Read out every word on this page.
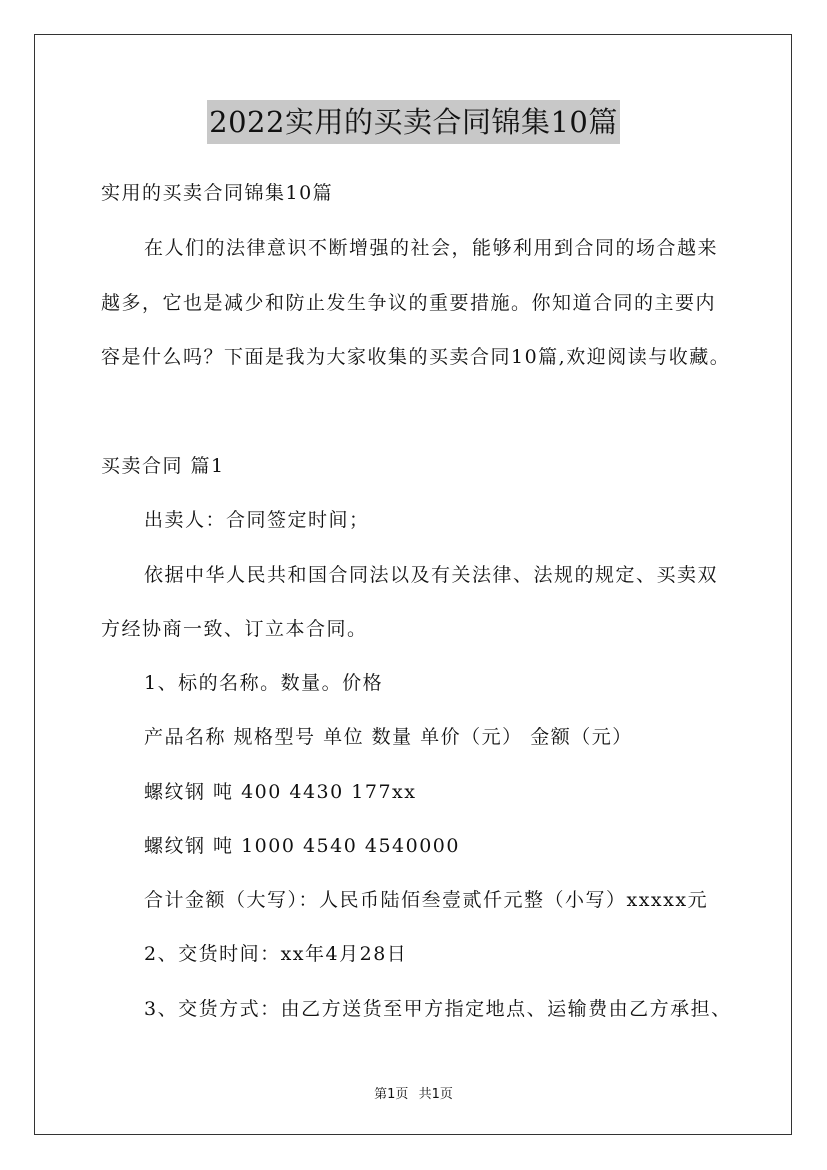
2022实用的买卖合同锦集10篇
实用的买卖合同锦集10篇
在人们的法律意识不断增强的社会，能够利用到合同的场合越来
越多，它也是减少和防止发生争议的重要措施。你知道合同的主要内
容是什么吗？下面是我为大家收集的买卖合同10篇,欢迎阅读与收藏。
买卖合同 篇1
出卖人：合同签定时间；
依据中华人民共和国合同法以及有关法律、法规的规定、买卖双
方经协商一致、订立本合同。
1、标的名称。数量。价格
产品名称 规格型号 单位 数量 单价（元） 金额（元）
螺纹钢 吨 400 4430 177xx
螺纹钢 吨 1000 4540 4540000
合计金额（大写）：人民币陆佰叁壹贰仟元整（小写）xxxxx元
2、交货时间：xx年4月28日
3、交货方式：由乙方送货至甲方指定地点、运输费由乙方承担、
第1页 共1页
